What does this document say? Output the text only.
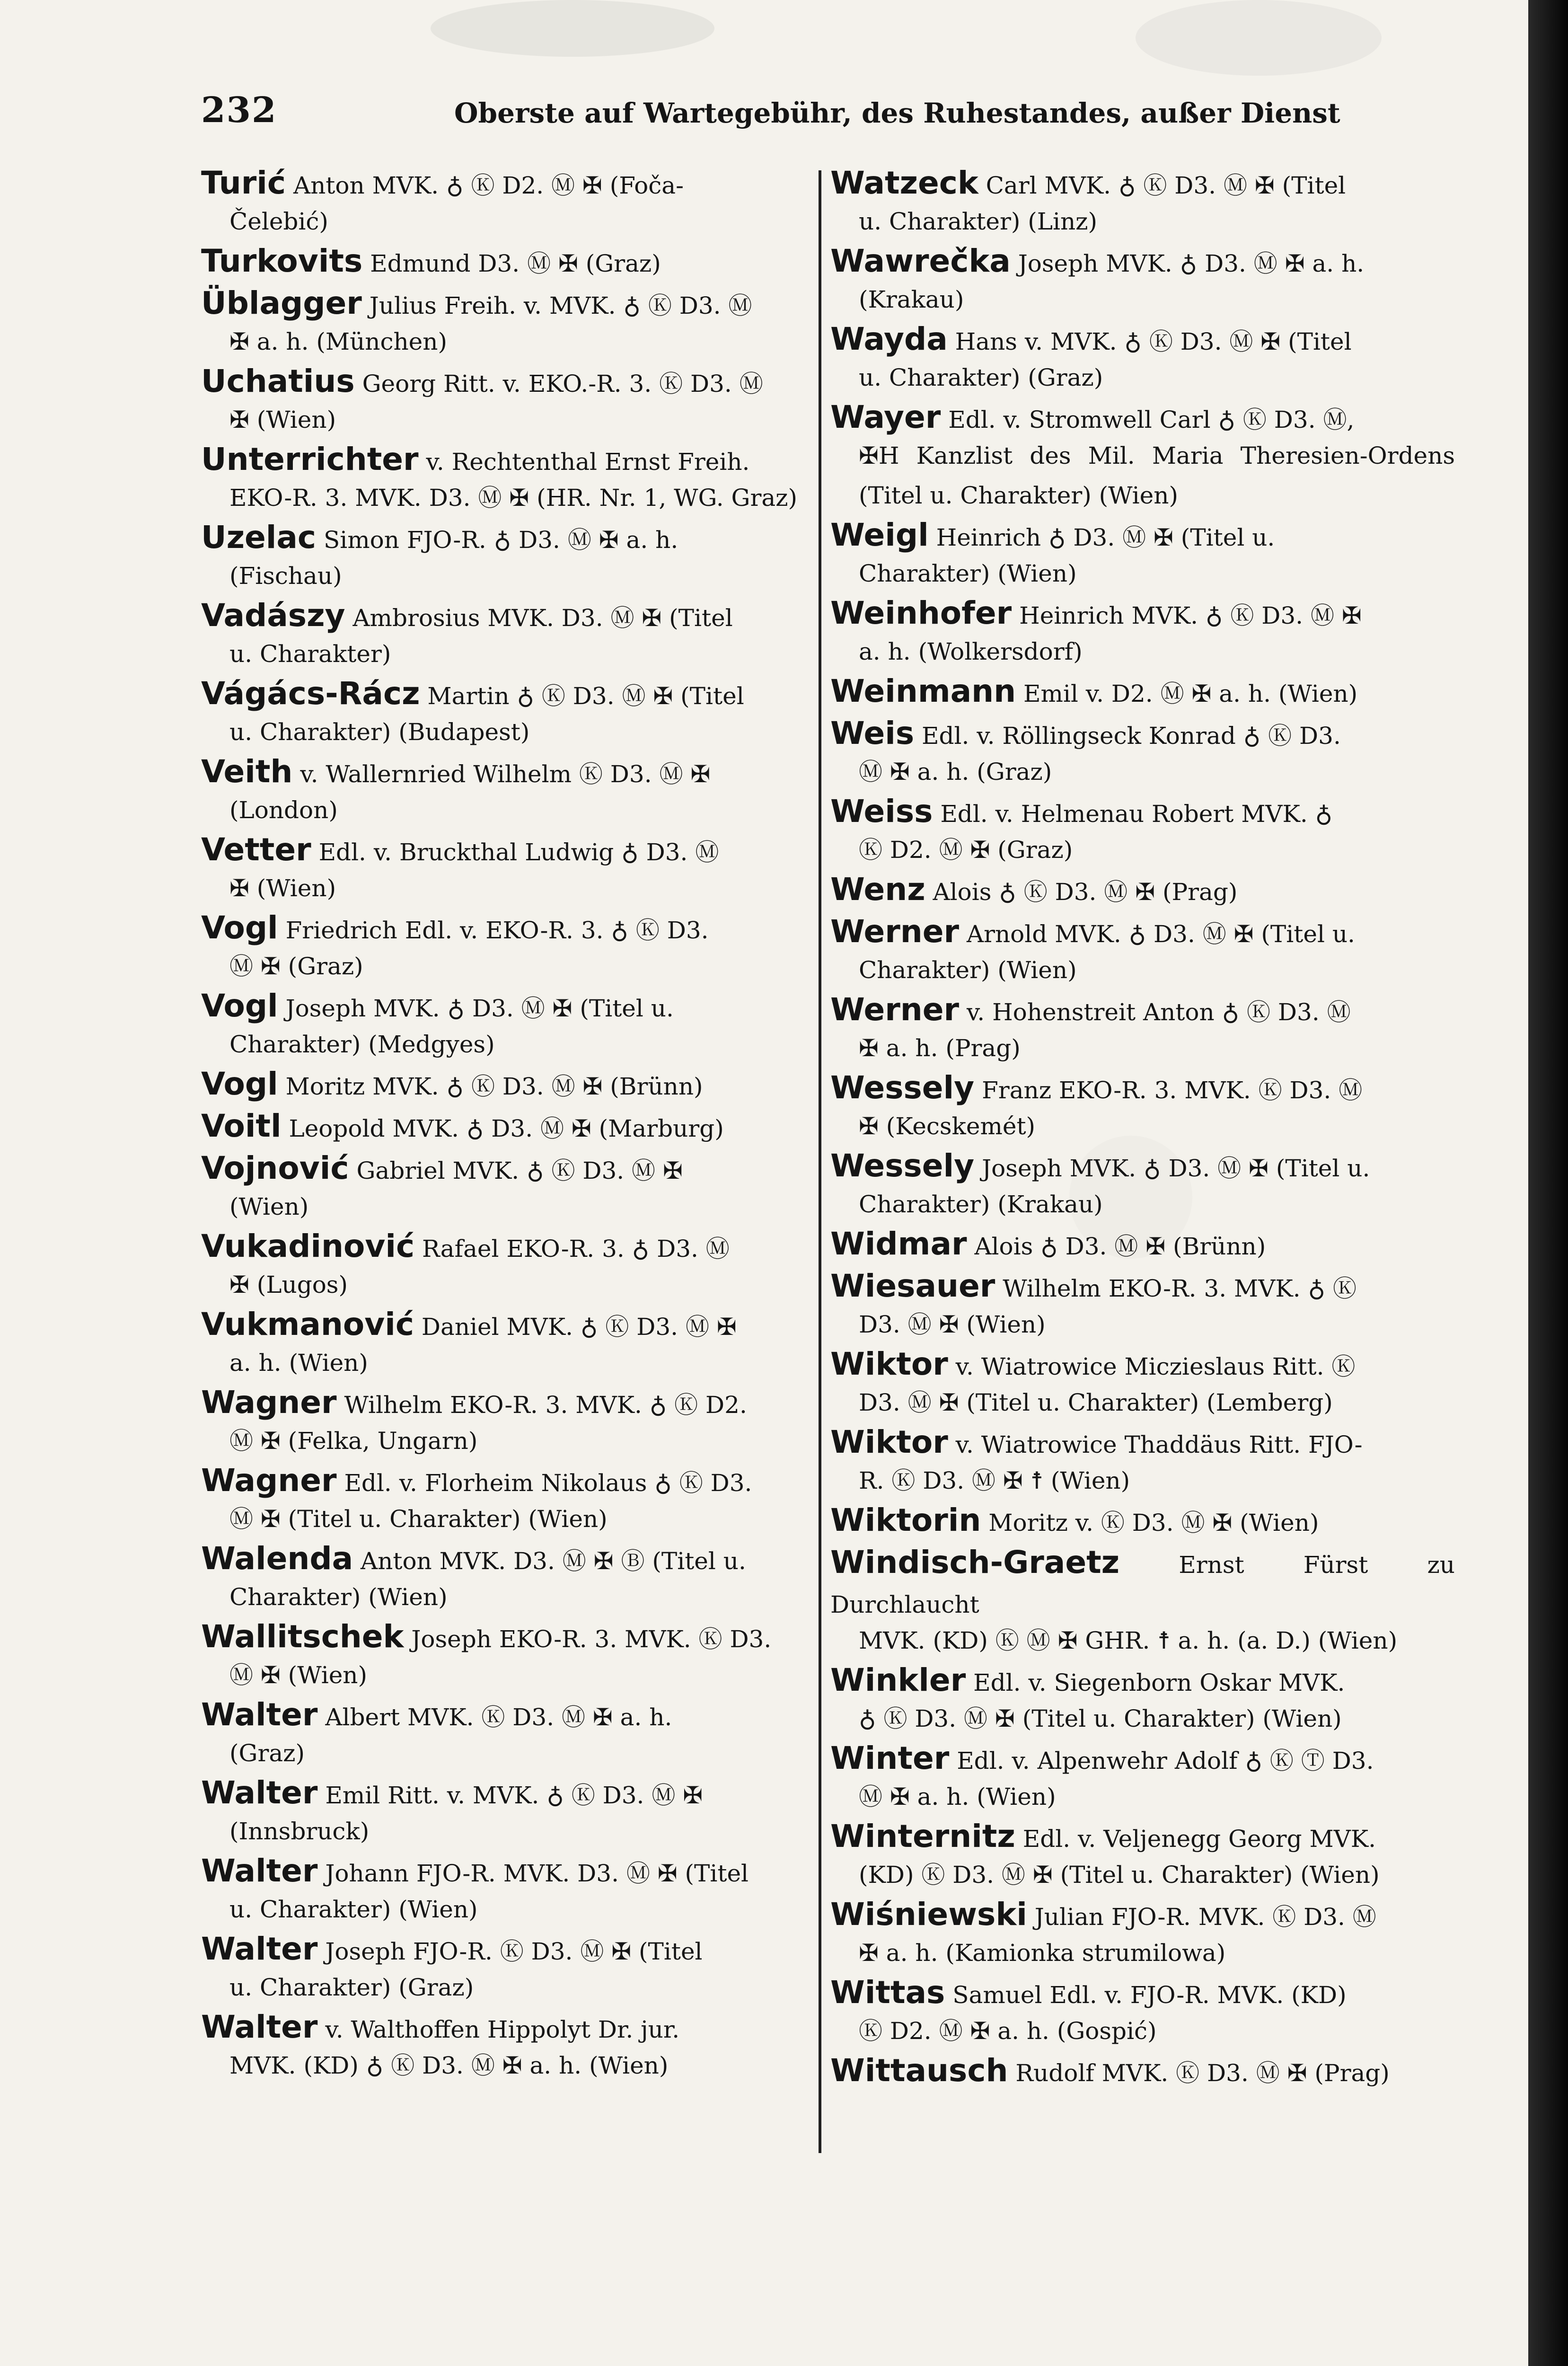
232	Oberste auf Wartegebühr, des Ruhestandes, außer Dienst
Turić Anton MVK. ♁ Ⓚ D2. Ⓜ ✠ (Foča-
Čelebić)
Turkovits Edmund D3. Ⓜ ✠ (Graz)
Üblagger Julius Freih. v. MVK. ♁ Ⓚ D3. Ⓜ
✠ a. h. (München)
Uchatius Georg Ritt. v. EKO.-R. 3. Ⓚ D3. Ⓜ
✠ (Wien)
Unterrichter v. Rechtenthal Ernst Freih.
EKO-R. 3. MVK. D3. Ⓜ ✠ (HR. Nr. 1, WG. Graz)
Uzelac Simon FJO-R. ♁ D3. Ⓜ ✠ a. h.
(Fischau)
Vadászy Ambrosius MVK. D3. Ⓜ ✠ (Titel
u. Charakter)
Vágács-Rácz Martin ♁ Ⓚ D3. Ⓜ ✠ (Titel
u. Charakter) (Budapest)
Veith v. Wallernried Wilhelm Ⓚ D3. Ⓜ ✠
(London)
Vetter Edl. v. Bruckthal Ludwig ♁ D3. Ⓜ
✠ (Wien)
Vogl Friedrich Edl. v. EKO-R. 3. ♁ Ⓚ D3.
Ⓜ ✠ (Graz)
Vogl Joseph MVK. ♁ D3. Ⓜ ✠ (Titel u.
Charakter) (Medgyes)
Vogl Moritz MVK. ♁ Ⓚ D3. Ⓜ ✠ (Brünn)
Voitl Leopold MVK. ♁ D3. Ⓜ ✠ (Marburg)
Vojnović Gabriel MVK. ♁ Ⓚ D3. Ⓜ ✠
(Wien)
Vukadinović Rafael EKO-R. 3. ♁ D3. Ⓜ
✠ (Lugos)
Vukmanović Daniel MVK. ♁ Ⓚ D3. Ⓜ ✠
a. h. (Wien)
Wagner Wilhelm EKO-R. 3. MVK. ♁ Ⓚ D2.
Ⓜ ✠ (Felka, Ungarn)
Wagner Edl. v. Florheim Nikolaus ♁ Ⓚ D3.
Ⓜ ✠ (Titel u. Charakter) (Wien)
Walenda Anton MVK. D3. Ⓜ ✠ Ⓑ (Titel u.
Charakter) (Wien)
Wallitschek Joseph EKO-R. 3. MVK. Ⓚ D3.
Ⓜ ✠ (Wien)
Walter Albert MVK. Ⓚ D3. Ⓜ ✠ a. h.
(Graz)
Walter Emil Ritt. v. MVK. ♁ Ⓚ D3. Ⓜ ✠
(Innsbruck)
Walter Johann FJO-R. MVK. D3. Ⓜ ✠ (Titel
u. Charakter) (Wien)
Walter Joseph FJO-R. Ⓚ D3. Ⓜ ✠ (Titel
u. Charakter) (Graz)
Walter v. Walthoffen Hippolyt Dr. jur.
MVK. (KD) ♁ Ⓚ D3. Ⓜ ✠ a. h. (Wien)
Watzeck Carl MVK. ♁ Ⓚ D3. Ⓜ ✠ (Titel
u. Charakter) (Linz)
Wawrečka Joseph MVK. ♁ D3. Ⓜ ✠ a. h.
(Krakau)
Wayda Hans v. MVK. ♁ Ⓚ D3. Ⓜ ✠ (Titel
u. Charakter) (Graz)
Wayer Edl. v. Stromwell Carl ♁ Ⓚ D3. Ⓜ,
✠H Kanzlist des Mil. Maria Theresien-Ordens (Titel u. Charakter) (Wien)
Weigl Heinrich ♁ D3. Ⓜ ✠ (Titel u.
Charakter) (Wien)
Weinhofer Heinrich MVK. ♁ Ⓚ D3. Ⓜ ✠
a. h. (Wolkersdorf)
Weinmann Emil v. D2. Ⓜ ✠ a. h. (Wien)
Weis Edl. v. Röllingseck Konrad ♁ Ⓚ D3.
Ⓜ ✠ a. h. (Graz)
Weiss Edl. v. Helmenau Robert MVK. ♁
Ⓚ D2. Ⓜ ✠ (Graz)
Wenz Alois ♁ Ⓚ D3. Ⓜ ✠ (Prag)
Werner Arnold MVK. ♁ D3. Ⓜ ✠ (Titel u.
Charakter) (Wien)
Werner v. Hohenstreit Anton ♁ Ⓚ D3. Ⓜ
✠ a. h. (Prag)
Wessely Franz EKO-R. 3. MVK. Ⓚ D3. Ⓜ
✠ (Kecskemét)
Wessely Joseph MVK. ♁ D3. Ⓜ ✠ (Titel u.
Charakter) (Krakau)
Widmar Alois ♁ D3. Ⓜ ✠ (Brünn)
Wiesauer Wilhelm EKO-R. 3. MVK. ♁ Ⓚ
D3. Ⓜ ✠ (Wien)
Wiktor v. Wiatrowice Miczieslaus Ritt. Ⓚ
D3. Ⓜ ✠ (Titel u. Charakter) (Lemberg)
Wiktor v. Wiatrowice Thaddäus Ritt. FJO-
R. Ⓚ D3. Ⓜ ✠ ☨ (Wien)
Wiktorin Moritz v. Ⓚ D3. Ⓜ ✠ (Wien)
Windisch-Graetz	Ernst Fürst zu Durchlaucht
MVK. (KD) Ⓚ Ⓜ ✠ GHR. ☨ a. h. (a. D.) (Wien)
Winkler Edl. v. Siegenborn Oskar MVK.
♁ Ⓚ D3. Ⓜ ✠ (Titel u. Charakter) (Wien)
Winter Edl. v. Alpenwehr Adolf ♁ Ⓚ Ⓣ D3.
Ⓜ ✠ a. h. (Wien)
Winternitz Edl. v. Veljenegg Georg MVK.
(KD) Ⓚ D3. Ⓜ ✠ (Titel u. Charakter) (Wien)
Wiśniewski Julian FJO-R. MVK. Ⓚ D3. Ⓜ
✠ a. h. (Kamionka strumilowa)
Wittas Samuel Edl. v. FJO-R. MVK. (KD)
Ⓚ D2. Ⓜ ✠ a. h. (Gospić)
Wittausch Rudolf MVK. Ⓚ D3. Ⓜ ✠ (Prag)
